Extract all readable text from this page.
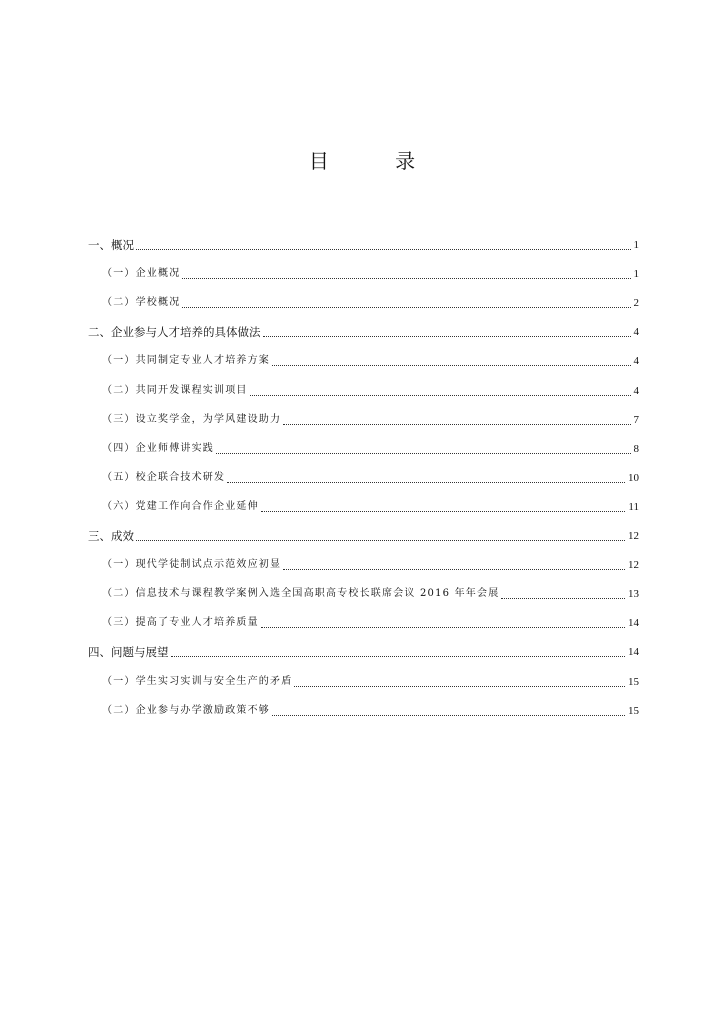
目 录
一、概况	1
（一）企业概况	1
（二）学校概况	2
二、企业参与人才培养的具体做法	4
（一）共同制定专业人才培养方案	4
（二）共同开发课程实训项目	4
（三）设立奖学金，为学风建设助力	7
（四）企业师傅讲实践	8
（五）校企联合技术研发	10
（六）党建工作向合作企业延伸	11
三、成效	12
（一）现代学徒制试点示范效应初显	12
（二）信息技术与课程教学案例入选全国高职高专校长联席会议 2016 年年会展	13
（三）提高了专业人才培养质量	14
四、问题与展望	14
（一）学生实习实训与安全生产的矛盾	15
（二）企业参与办学激励政策不够	15
